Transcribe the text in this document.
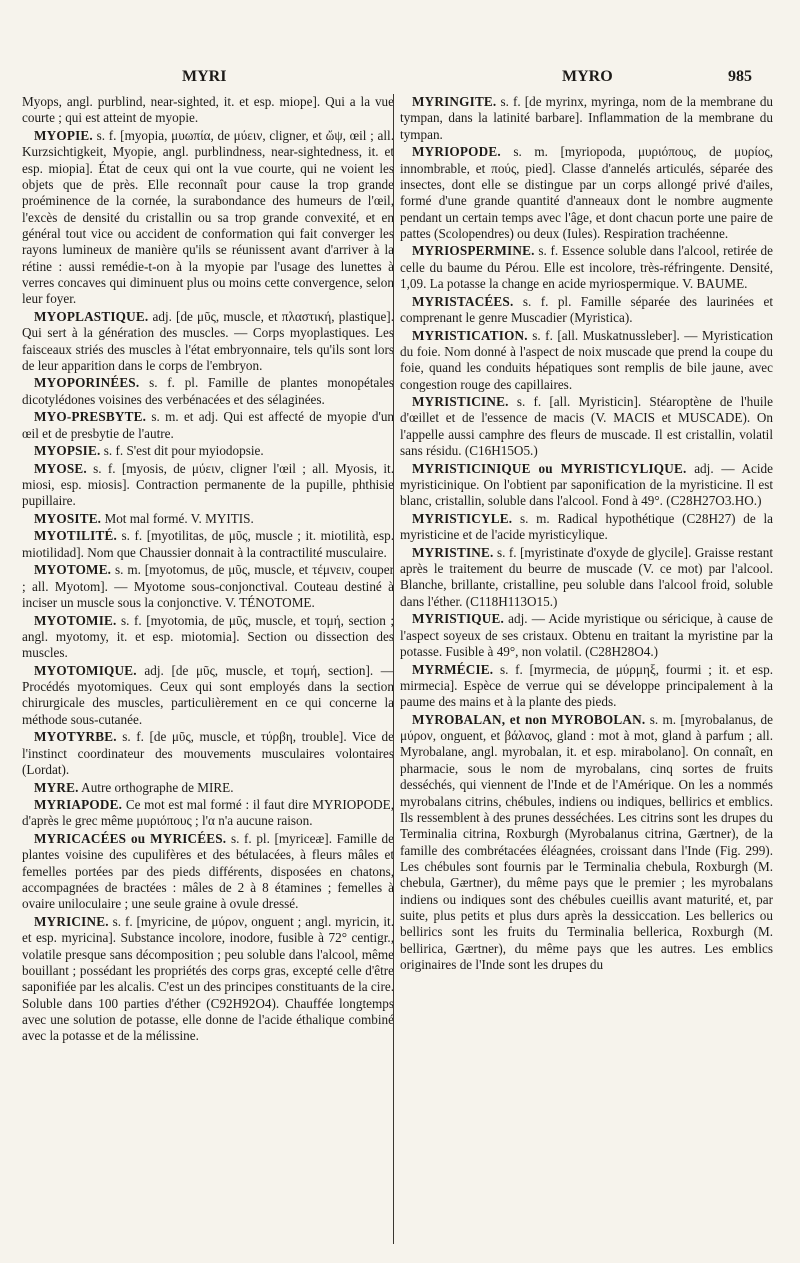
MYRI	MYRO	985

Myops, angl. purblind, near-sighted, it. et esp. miope]. Qui a la vue courte ; qui est atteint de myopie.

MYOPIE. s. f. [myopia, μυωπία, de μύειν, cligner, et ὤψ, œil ; all. Kurzsichtigkeit, Myopie, angl. purblindness, near-sightedness, it. et esp. miopia]. État de ceux qui ont la vue courte, qui ne voient les objets que de près. Elle reconnaît pour cause la trop grande proéminence de la cornée, la surabondance des humeurs de l'œil, l'excès de densité du cristallin ou sa trop grande convexité, et en général tout vice ou accident de conformation qui fait converger les rayons lumineux de manière qu'ils se réunissent avant d'arriver à la rétine : aussi remédie-t-on à la myopie par l'usage des lunettes à verres concaves qui diminuent plus ou moins cette convergence, selon leur foyer.

MYOPLASTIQUE. adj. [de μῦς, muscle, et πλαστική, plastique]. Qui sert à la génération des muscles. — Corps myoplastiques. Les faisceaux striés des muscles à l'état embryonnaire, tels qu'ils sont lors de leur apparition dans le corps de l'embryon.

MYOPORINÉES. s. f. pl. Famille de plantes monopétales dicotylédones voisines des verbénacées et des sélaginées.

MYO-PRESBYTE. s. m. et adj. Qui est affecté de myopie d'un œil et de presbytie de l'autre.

MYOPSIE. s. f. S'est dit pour myiodopsie.

MYOSE. s. f. [myosis, de μύειν, cligner l'œil ; all. Myosis, it. miosi, esp. miosis]. Contraction permanente de la pupille, phthisie pupillaire.

MYOSITE. Mot mal formé. V. MYITIS.

MYOTILITÉ. s. f. [myotilitas, de μῦς, muscle ; it. miotilità, esp. miotilidad]. Nom que Chaussier donnait à la contractilité musculaire.

MYOTOME. s. m. [myotomus, de μῦς, muscle, et τέμνειν, couper ; all. Myotom]. — Myotome sous-conjonctival. Couteau destiné à inciser un muscle sous la conjonctive. V. TÉNOTOME.

MYOTOMIE. s. f. [myotomia, de μῦς, muscle, et τομή, section ; angl. myotomy, it. et esp. miotomia]. Section ou dissection des muscles.

MYOTOMIQUE. adj. [de μῦς, muscle, et τομή, section]. — Procédés myotomiques. Ceux qui sont employés dans la section chirurgicale des muscles, particulièrement en ce qui concerne la méthode sous-cutanée.

MYOTYRBE. s. f. [de μῦς, muscle, et τύρβη, trouble]. Vice de l'instinct coordinateur des mouvements musculaires volontaires (Lordat).

MYRE. Autre orthographe de MIRE.

MYRIAPODE. Ce mot est mal formé : il faut dire MYRIOPODE, d'après le grec même μυριόπους ; l'α n'a aucune raison.

MYRICACÉES ou MYRICÉES. s. f. pl. [myriceæ]. Famille de plantes voisine des cupulifères et des bétulacées, à fleurs mâles et femelles portées par des pieds différents, disposées en chatons, accompagnées de bractées : mâles de 2 à 8 étamines ; femelles à ovaire uniloculaire ; une seule graine à ovule dressé.

MYRICINE. s. f. [myricine, de μύρον, onguent ; angl. myricin, it. et esp. myricina]. Substance incolore, inodore, fusible à 72° centigr., volatile presque sans décomposition ; peu soluble dans l'alcool, même bouillant ; possédant les propriétés des corps gras, excepté celle d'être saponifiée par les alcalis. C'est un des principes constituants de la cire. Soluble dans 100 parties d'éther (C92H92O4). Chauffée longtemps avec une solution de potasse, elle donne de l'acide éthalique combiné avec la potasse et de la mélissine.

MYRINGITE. s. f. [de myrinx, myringa, nom de la membrane du tympan, dans la latinité barbare]. Inflammation de la membrane du tympan.

MYRIOPODE. s. m. [myriopoda, μυριόπους, de μυρίος, innombrable, et πούς, pied]. Classe d'annelés articulés, séparée des insectes, dont elle se distingue par un corps allongé privé d'ailes, formé d'une grande quantité d'anneaux dont le nombre augmente pendant un certain temps avec l'âge, et dont chacun porte une paire de pattes (Scolopendres) ou deux (Iules). Respiration trachéenne.

MYRIOSPERMINE. s. f. Essence soluble dans l'alcool, retirée de celle du baume du Pérou. Elle est incolore, très-réfringente. Densité, 1,09. La potasse la change en acide myriospermique. V. BAUME.

MYRISTACÉES. s. f. pl. Famille séparée des laurinées et comprenant le genre Muscadier (Myristica).

MYRISTICATION. s. f. [all. Muskatnussleber]. — Myristication du foie. Nom donné à l'aspect de noix muscade que prend la coupe du foie, quand les conduits hépatiques sont remplis de bile jaune, avec congestion rouge des capillaires.

MYRISTICINE. s. f. [all. Myristicin]. Stéaroptène de l'huile d'œillet et de l'essence de macis (V. MACIS et MUSCADE). On l'appelle aussi camphre des fleurs de muscade. Il est cristallin, volatil sans résidu. (C16H15O5.)

MYRISTICINIQUE ou MYRISTICYLIQUE. adj. — Acide myristicinique. On l'obtient par saponification de la myristicine. Il est blanc, cristallin, soluble dans l'alcool. Fond à 49°. (C28H27O3.HO.)

MYRISTICYLE. s. m. Radical hypothétique (C28H27) de la myristicine et de l'acide myristicylique.

MYRISTINE. s. f. [myristinate d'oxyde de glycile]. Graisse restant après le traitement du beurre de muscade (V. ce mot) par l'alcool. Blanche, brillante, cristalline, peu soluble dans l'alcool froid, soluble dans l'éther. (C118H113O15.)

MYRISTIQUE. adj. — Acide myristique ou séricique, à cause de l'aspect soyeux de ses cristaux. Obtenu en traitant la myristine par la potasse. Fusible à 49°, non volatil. (C28H28O4.)

MYRMÉCIE. s. f. [myrmecia, de μύρμηξ, fourmi ; it. et esp. mirmecia]. Espèce de verrue qui se développe principalement à la paume des mains et à la plante des pieds.

MYROBALAN, et non MYROBOLAN. s. m. [myrobalanus, de μύρον, onguent, et βάλανος, gland : mot à mot, gland à parfum ; all. Myrobalane, angl. myrobalan, it. et esp. mirabolano]. On connaît, en pharmacie, sous le nom de myrobalans, cinq sortes de fruits desséchés, qui viennent de l'Inde et de l'Amérique. On les a nommés myrobalans citrins, chébules, indiens ou indiques, bellirics et emblics. Ils ressemblent à des prunes desséchées. Les citrins sont les drupes du Terminalia citrina, Roxburgh (Myrobalanus citrina, Gærtner), de la famille des combrétacées éléagnées, croissant dans l'Inde (Fig. 299). Les chébules sont fournis par le Terminalia chebula, Roxburgh (M. chebula, Gærtner), du même pays que le premier ; les myrobalans indiens ou indiques sont des chébules cueillis avant maturité, et, par suite, plus petits et plus durs après la dessiccation. Les bellerics ou bellirics sont les fruits du Terminalia bellerica, Roxburgh (M. bellirica, Gærtner), du même pays que les autres. Les emblics originaires de l'Inde sont les drupes du
